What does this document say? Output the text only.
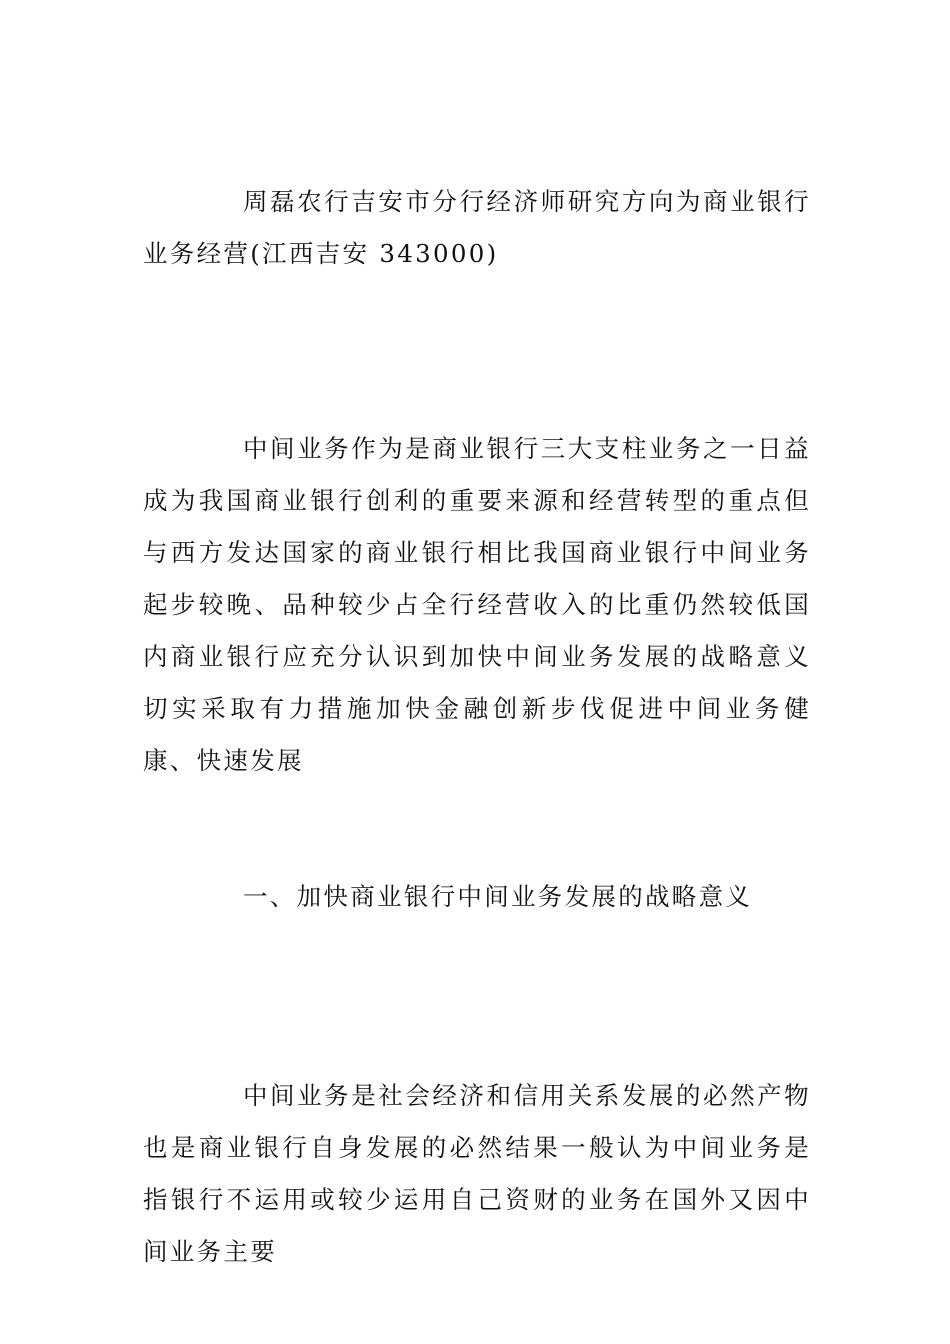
周磊农行吉安市分行经济师研究方向为商业银行业务经营(江西吉安 343000)

中间业务作为是商业银行三大支柱业务之一日益成为我国商业银行创利的重要来源和经营转型的重点但与西方发达国家的商业银行相比我国商业银行中间业务起步较晚、品种较少占全行经营收入的比重仍然较低国内商业银行应充分认识到加快中间业务发展的战略意义切实采取有力措施加快金融创新步伐促进中间业务健康、快速发展

一、加快商业银行中间业务发展的战略意义

中间业务是社会经济和信用关系发展的必然产物也是商业银行自身发展的必然结果一般认为中间业务是指银行不运用或较少运用自己资财的业务在国外又因中间业务主要
